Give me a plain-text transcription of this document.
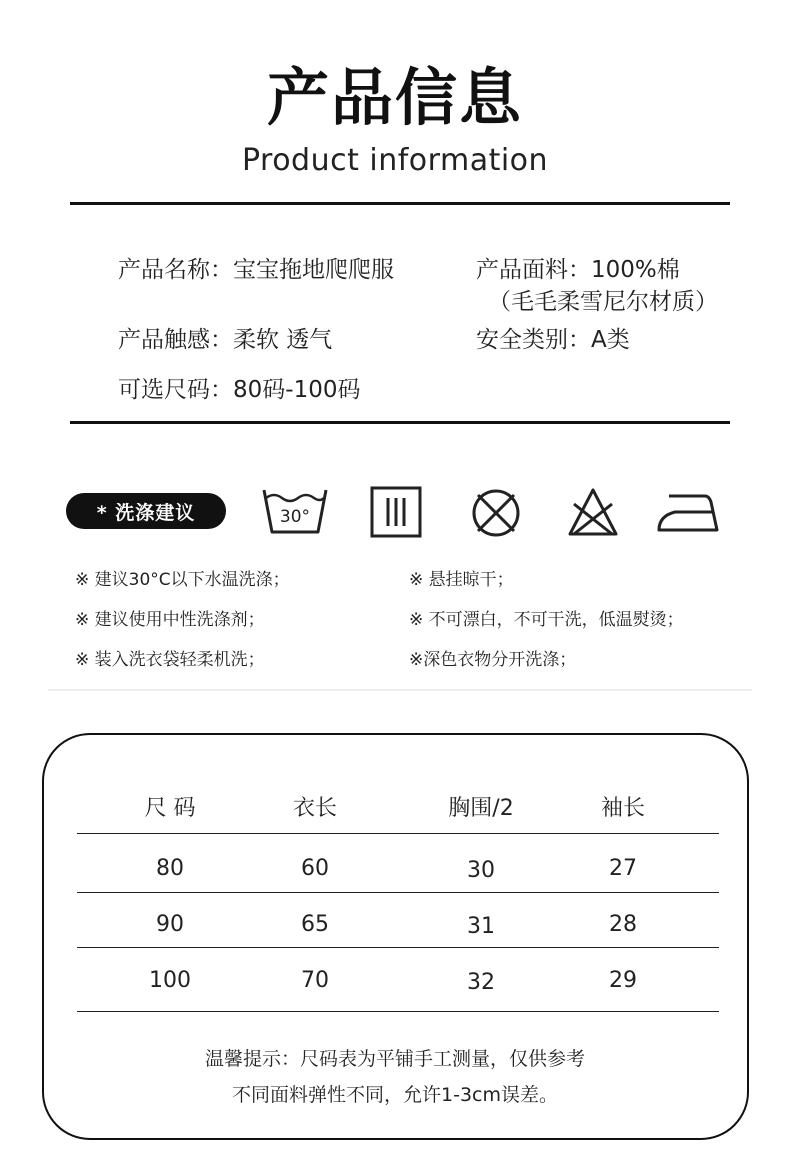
产品信息
Product information
产品名称：宝宝拖地爬爬服	产品面料：100%棉
（毛毛柔雪尼尔材质）
产品触感：柔软 透气	安全类别：A类
可选尺码：80码-100码
* 洗涤建议	30°
※ 建议30°C以下水温洗涤；
※ 建议使用中性洗涤剂；
※ 装入洗衣袋轻柔机洗；
※ 悬挂晾干；
※ 不可漂白，不可干洗，低温熨烫；
※深色衣物分开洗涤；
尺 码	衣长	胸围/2	袖长
80	60	30	27
90	65	31	28
100	70	32	29
温馨提示：尺码表为平铺手工测量，仅供参考
不同面料弹性不同，允许1-3cm误差。
